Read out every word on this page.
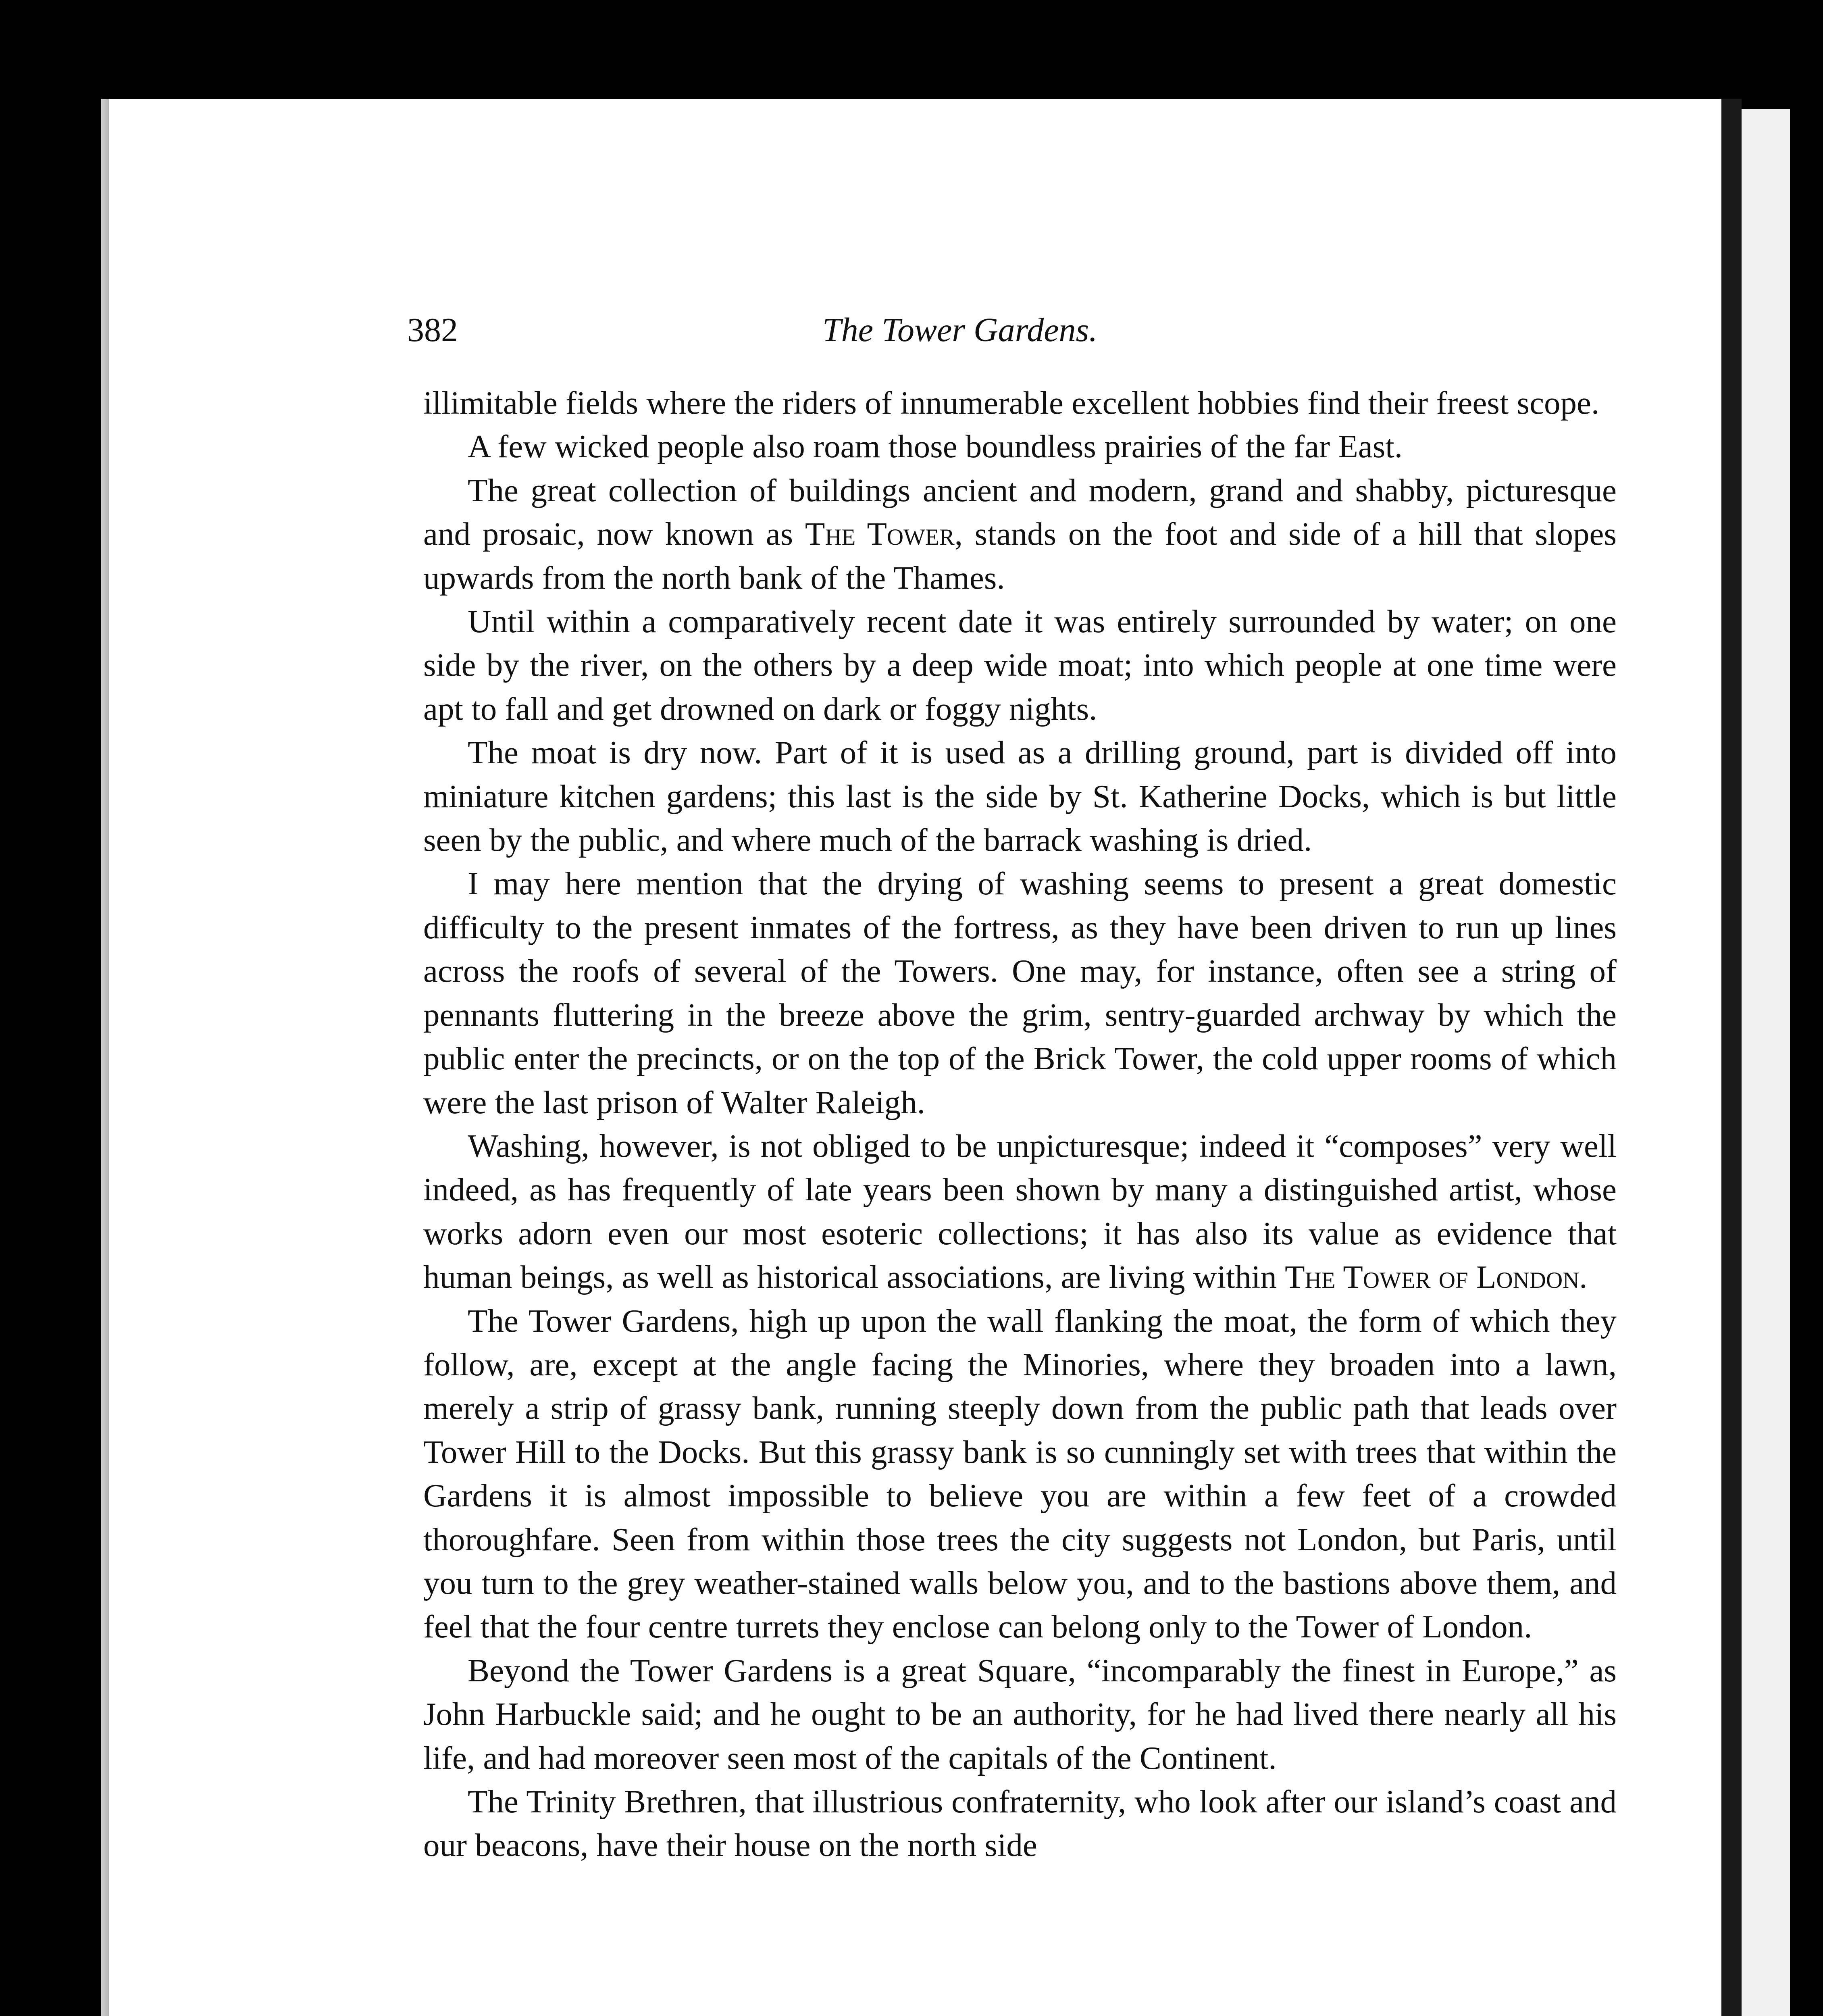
382	The Tower Gardens.

illimitable fields where the riders of innumerable excellent hobbies find their freest scope.

A few wicked people also roam those boundless prairies of the far East.

The great collection of buildings ancient and modern, grand and shabby, picturesque and prosaic, now known as The Tower, stands on the foot and side of a hill that slopes upwards from the north bank of the Thames.

Until within a comparatively recent date it was entirely surrounded by water; on one side by the river, on the others by a deep wide moat; into which people at one time were apt to fall and get drowned on dark or foggy nights.

The moat is dry now. Part of it is used as a drilling ground, part is divided off into miniature kitchen gardens; this last is the side by St. Katherine Docks, which is but little seen by the public, and where much of the barrack washing is dried.

I may here mention that the drying of washing seems to present a great domestic difficulty to the present inmates of the fortress, as they have been driven to run up lines across the roofs of several of the Towers. One may, for instance, often see a string of pennants fluttering in the breeze above the grim, sentry-guarded archway by which the public enter the precincts, or on the top of the Brick Tower, the cold upper rooms of which were the last prison of Walter Raleigh.

Washing, however, is not obliged to be unpicturesque; indeed it “composes” very well indeed, as has frequently of late years been shown by many a distinguished artist, whose works adorn even our most esoteric collections; it has also its value as evidence that human beings, as well as historical associations, are living within The Tower of London.

The Tower Gardens, high up upon the wall flanking the moat, the form of which they follow, are, except at the angle facing the Minories, where they broaden into a lawn, merely a strip of grassy bank, running steeply down from the public path that leads over Tower Hill to the Docks. But this grassy bank is so cunningly set with trees that within the Gardens it is almost impossible to believe you are within a few feet of a crowded thoroughfare. Seen from within those trees the city suggests not London, but Paris, until you turn to the grey weather-stained walls below you, and to the bastions above them, and feel that the four centre turrets they enclose can belong only to the Tower of London.

Beyond the Tower Gardens is a great Square, “incomparably the finest in Europe,” as John Harbuckle said; and he ought to be an authority, for he had lived there nearly all his life, and had moreover seen most of the capitals of the Continent.

The Trinity Brethren, that illustrious confraternity, who look after our island’s coast and our beacons, have their house on the north side
